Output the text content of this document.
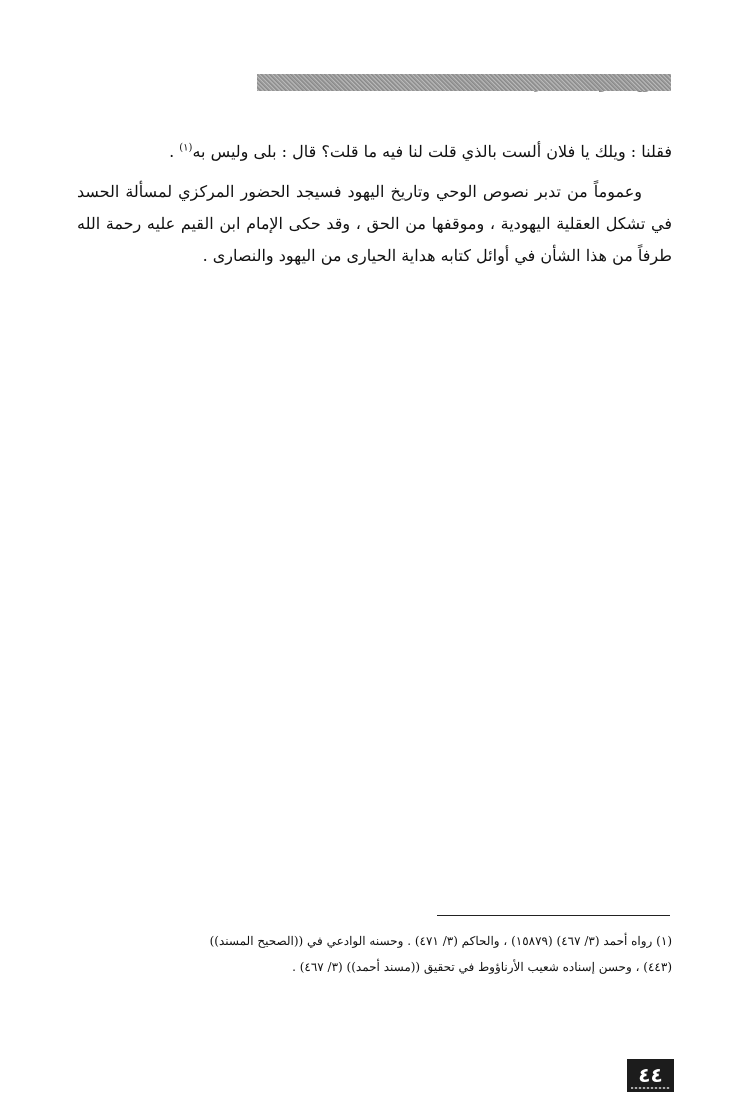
فقلنا : ويلك يا فلان ألست بالذي قلت لنا فيه ما قلت؟ قال : بلى وليس به$^{(١)}$ .

وعموماً من تدبر نصوص الوحي وتاريخ اليهود فسيجد الحضور المركزي لمسألة الحسد في تشكل العقلية اليهودية ، وموقفها من الحق ، وقد حكى الإمام ابن القيم عليه رحمة الله طرفاً من هذا الشأن في أوائل كتابه هداية الحيارى من اليهود والنصارى .

(١) رواه أحمد (٣/ ٤٦٧) (١٥٨٧٩) ، والحاكم (٣/ ٤٧١) . وحسنه الوادعي في ((الصحيح المسند))

(٤٤٣) ، وحسن إسناده شعيب الأرناؤوط في تحقيق ((مسند أحمد)) (٣/ ٤٦٧) .

٤٤
